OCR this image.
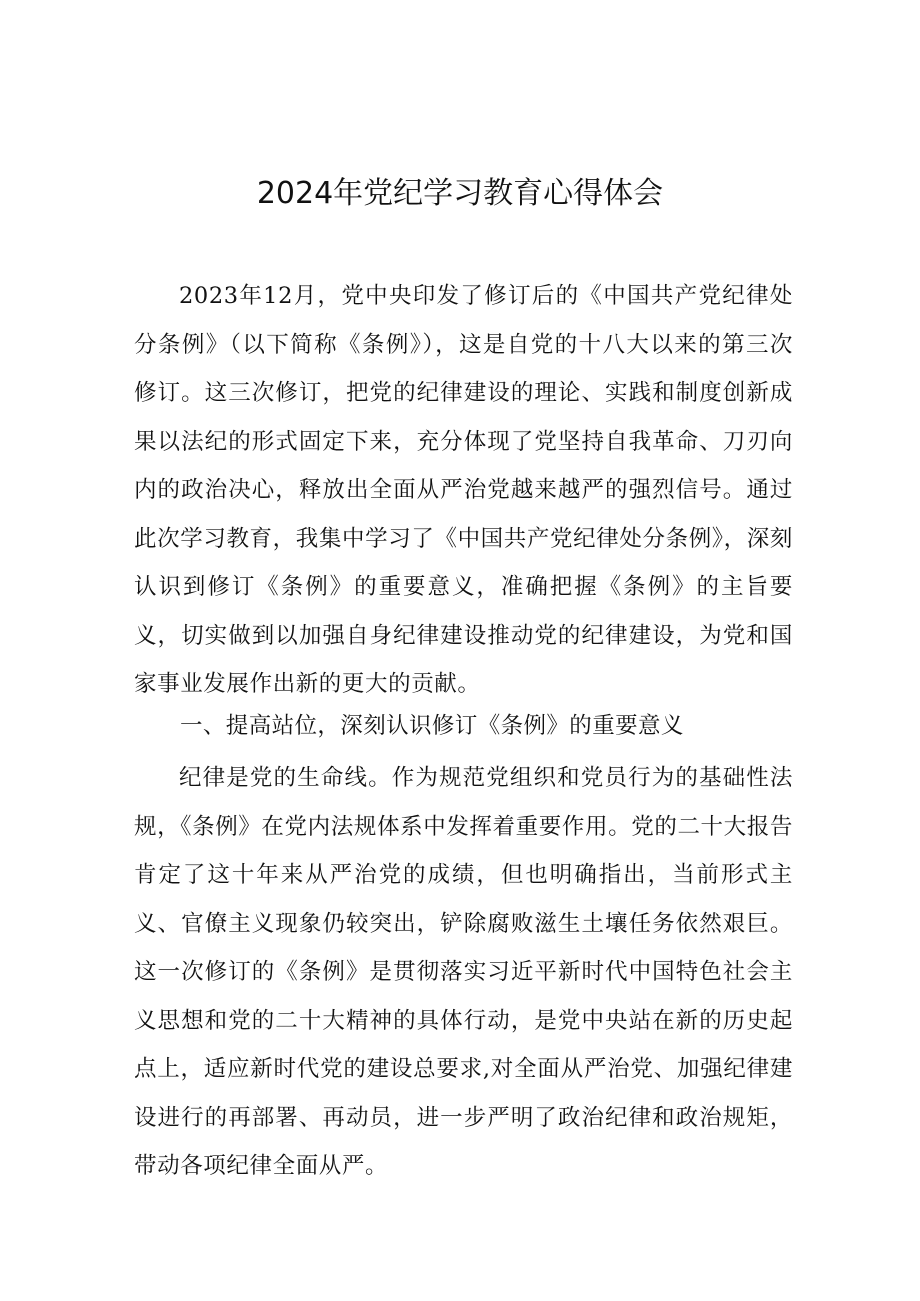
2024年党纪学习教育心得体会

2023年12月，党中央印发了修订后的《中国共产党纪律处分条例》（以下简称《条例》），这是自党的十八大以来的第三次修订。这三次修订，把党的纪律建设的理论、实践和制度创新成果以法纪的形式固定下来，充分体现了党坚持自我革命、刀刃向内的政治决心，释放出全面从严治党越来越严的强烈信号。通过此次学习教育，我集中学习了《中国共产党纪律处分条例》，深刻认识到修订《条例》的重要意义，准确把握《条例》的主旨要义，切实做到以加强自身纪律建设推动党的纪律建设，为党和国家事业发展作出新的更大的贡献。

一、提高站位，深刻认识修订《条例》的重要意义

纪律是党的生命线。作为规范党组织和党员行为的基础性法规，《条例》在党内法规体系中发挥着重要作用。党的二十大报告肯定了这十年来从严治党的成绩，但也明确指出，当前形式主义、官僚主义现象仍较突出，铲除腐败滋生土壤任务依然艰巨。这一次修订的《条例》是贯彻落实习近平新时代中国特色社会主义思想和党的二十大精神的具体行动，是党中央站在新的历史起点上，适应新时代党的建设总要求,对全面从严治党、加强纪律建设进行的再部署、再动员，进一步严明了政治纪律和政治规矩，带动各项纪律全面从严。
